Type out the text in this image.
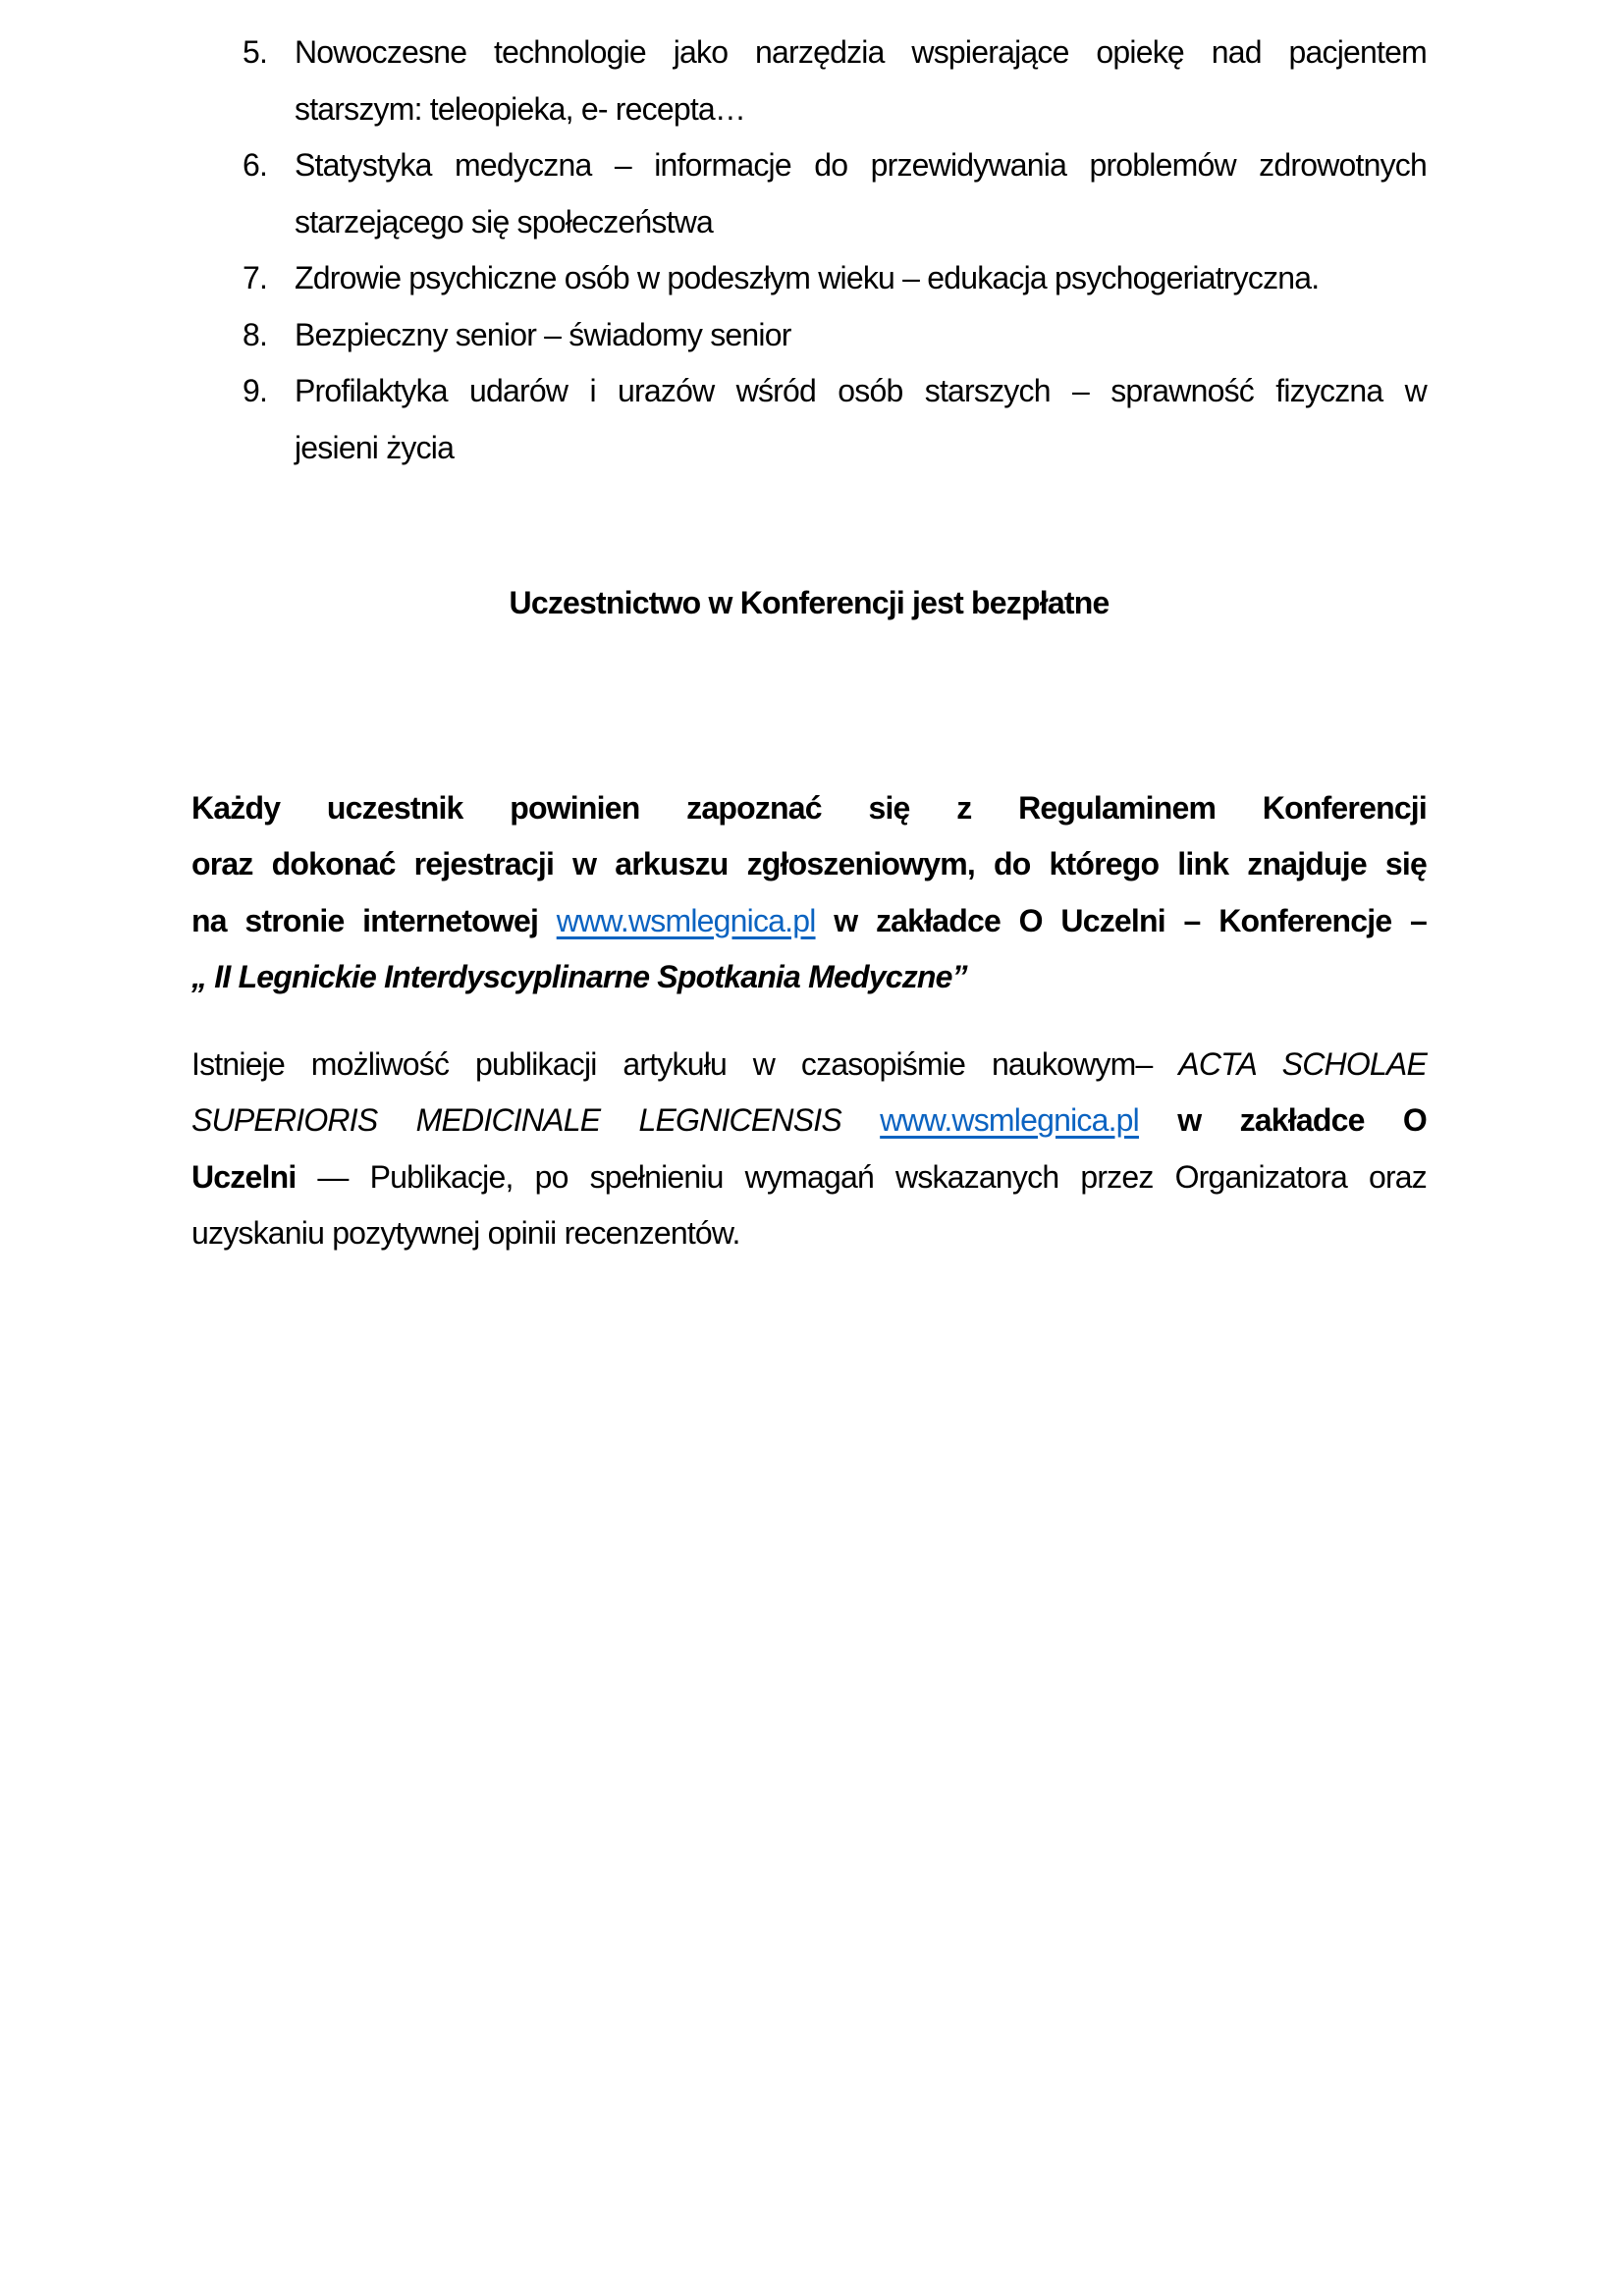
5. Nowoczesne technologie jako narzędzia wspierające opiekę nad pacjentem
starszym: teleopieka, e- recepta…
6. Statystyka medyczna – informacje do przewidywania problemów zdrowotnych
starzejącego się społeczeństwa
7. Zdrowie psychiczne osób w podeszłym wieku – edukacja psychogeriatryczna.
8. Bezpieczny senior – świadomy senior
9. Profilaktyka udarów i urazów wśród osób starszych – sprawność fizyczna w
jesieni życia
Uczestnictwo w Konferencji jest bezpłatne
Każdy uczestnik powinien zapoznać się z Regulaminem Konferencji
oraz dokonać rejestracji w arkuszu zgłoszeniowym, do którego link znajduje się
na stronie internetowej www.wsmlegnica.pl w zakładce O Uczelni – Konferencje –
„ II Legnickie Interdyscyplinarne Spotkania Medyczne”
Istnieje możliwość publikacji artykułu w czasopiśmie naukowym– ACTA SCHOLAE
SUPERIORIS MEDICINALE LEGNICENSIS www.wsmlegnica.pl w zakładce O
Uczelni — Publikacje, po spełnieniu wymagań wskazanych przez Organizatora oraz
uzyskaniu pozytywnej opinii recenzentów.
